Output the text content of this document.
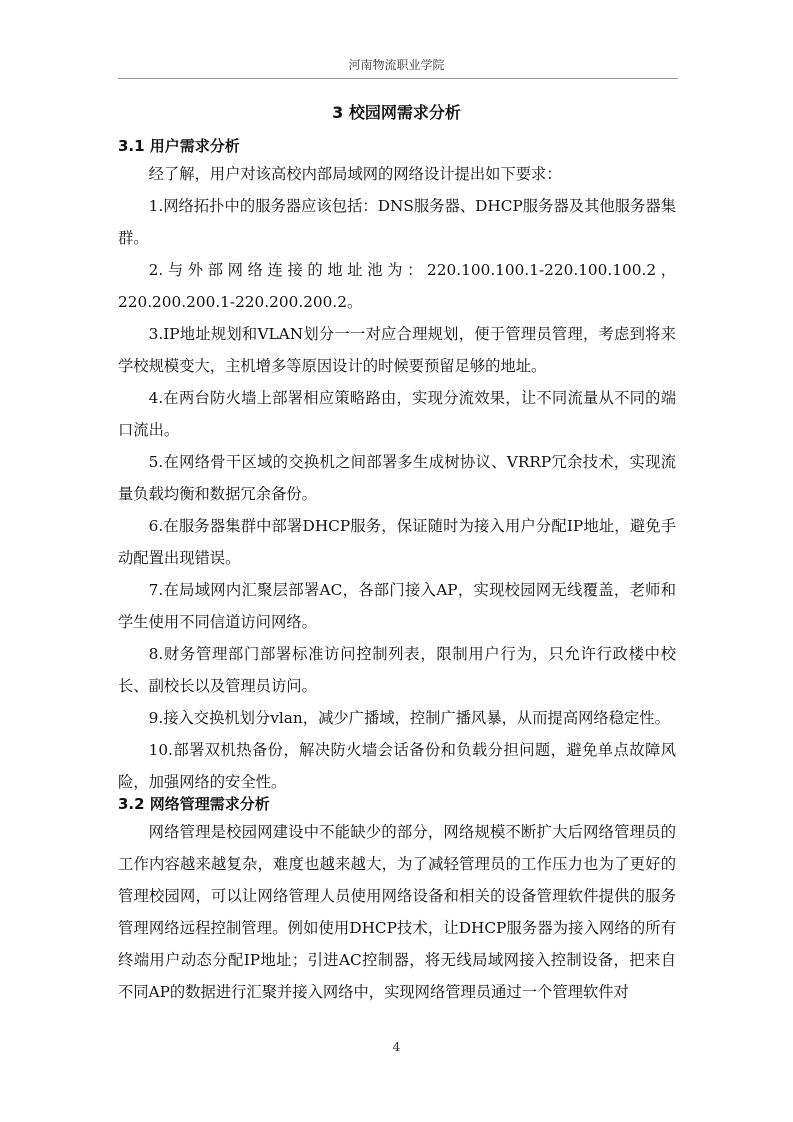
河南物流职业学院
3 校园网需求分析
3.1 用户需求分析

经了解，用户对该高校内部局域网的网络设计提出如下要求：

1.网络拓扑中的服务器应该包括：DNS服务器、DHCP服务器及其他服务器集群。

2.与外部网络连接的地址池为：220.100.100.1-220.100.100.2，220.200.200.1-220.200.200.2。

3.IP地址规划和VLAN划分一一对应合理规划，便于管理员管理，考虑到将来学校规模变大，主机增多等原因设计的时候要预留足够的地址。

4.在两台防火墙上部署相应策略路由，实现分流效果，让不同流量从不同的端口流出。

5.在网络骨干区域的交换机之间部署多生成树协议、VRRP冗余技术，实现流量负载均衡和数据冗余备份。

6.在服务器集群中部署DHCP服务，保证随时为接入用户分配IP地址，避免手动配置出现错误。

7.在局域网内汇聚层部署AC，各部门接入AP，实现校园网无线覆盖，老师和学生使用不同信道访问网络。

8.财务管理部门部署标准访问控制列表，限制用户行为，只允许行政楼中校长、副校长以及管理员访问。

9.接入交换机划分vlan，减少广播域，控制广播风暴，从而提高网络稳定性。

10.部署双机热备份，解决防火墙会话备份和负载分担问题，避免单点故障风险，加强网络的安全性。

3.2 网络管理需求分析

网络管理是校园网建设中不能缺少的部分，网络规模不断扩大后网络管理员的工作内容越来越复杂，难度也越来越大，为了减轻管理员的工作压力也为了更好的管理校园网，可以让网络管理人员使用网络设备和相关的设备管理软件提供的服务管理网络远程控制管理。例如使用DHCP技术，让DHCP服务器为接入网络的所有终端用户动态分配IP地址；引进AC控制器，将无线局域网接入控制设备，把来自不同AP的数据进行汇聚并接入网络中，实现网络管理员通过一个管理软件对

4
